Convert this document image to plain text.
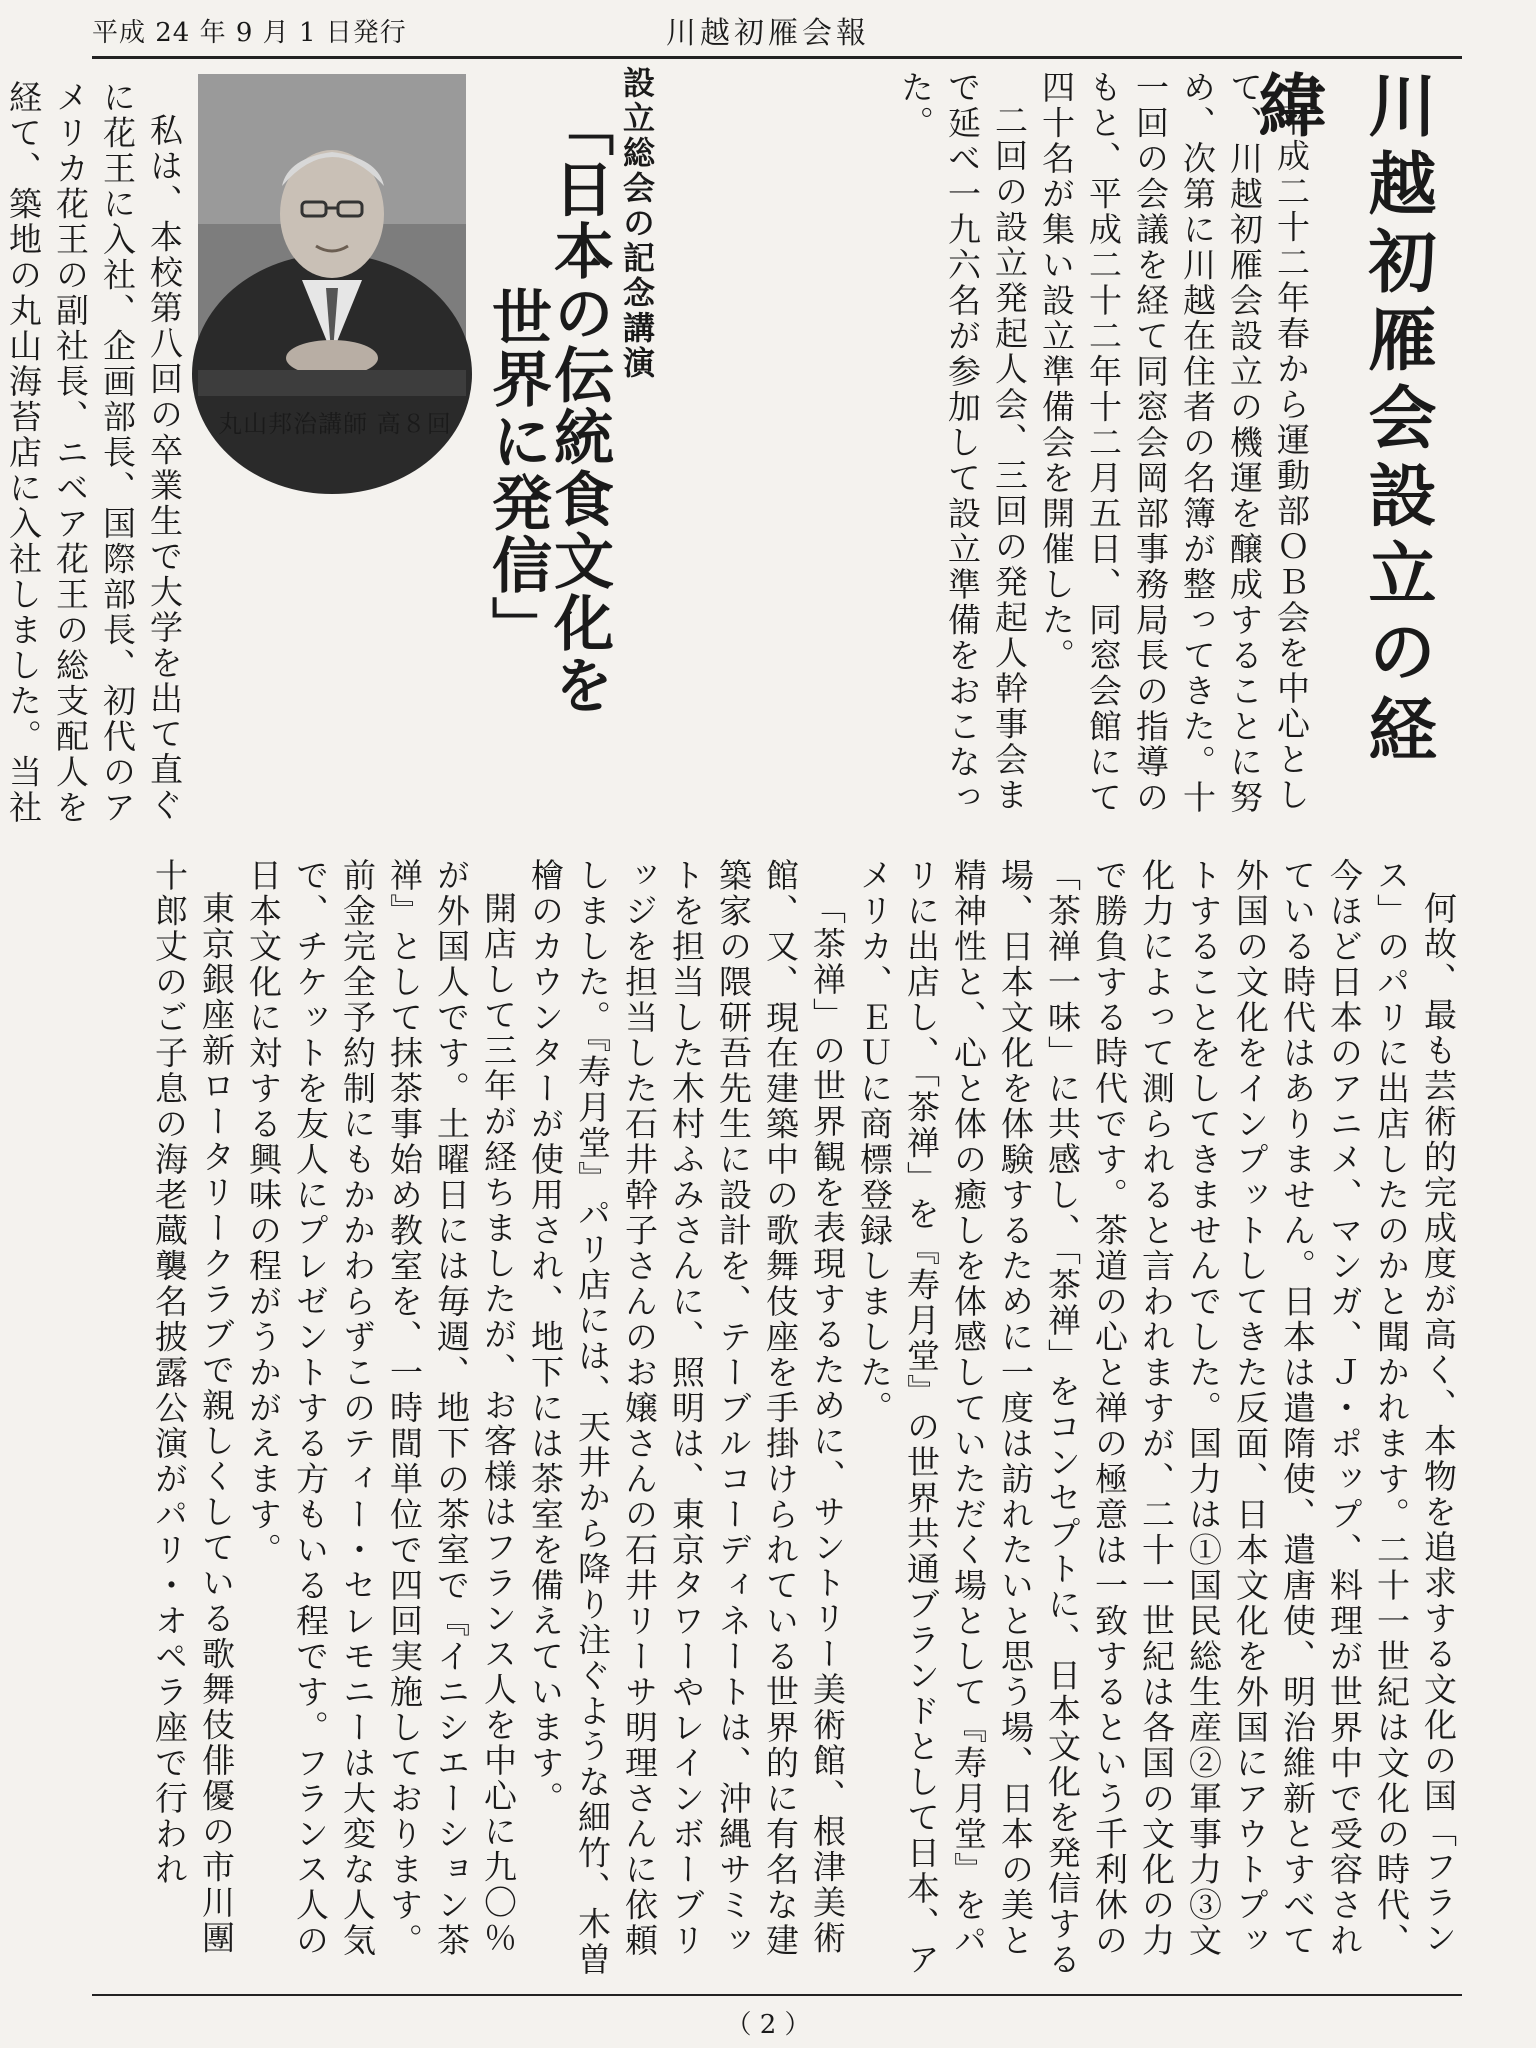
平成 24 年 9 月 1 日発行	川越初雁会報
川越初雁会設立の経緯

平成二十二年春から運動部ＯＢ会を中心として、川越初雁会設立の機運を醸成することに努め、次第に川越在住者の名簿が整ってきた。十一回の会議を経て同窓会岡部事務局長の指導のもと、平成二十二年十二月五日、同窓会館にて四十名が集い設立準備会を開催した。

二回の設立発起人会、三回の発起人幹事会まで延べ一九六名が参加して設立準備をおこなった。

設立総会の記念講演
「日本の伝統食文化を
世界に発信」
丸山邦治講師 高８回

私は、本校第八回の卒業生で大学を出て直ぐに花王に入社、企画部長、国際部長、初代のアメリカ花王の副社長、ニベア花王の総支配人を経て、築地の丸山海苔店に入社しました。当社

何故、最も芸術的完成度が高く、本物を追求する文化の国「フランス」のパリに出店したのかと聞かれます。二十一世紀は文化の時代、今ほど日本のアニメ、マンガ、Ｊ・ポップ、料理が世界中で受容されている時代はありません。日本は遣隋使、遣唐使、明治維新とすべて外国の文化をインプットしてきた反面、日本文化を外国にアウトプットすることをしてきませんでした。国力は①国民総生産②軍事力③文化力によって測られると言われますが、二十一世紀は各国の文化の力で勝負する時代です。茶道の心と禅の極意は一致するという千利休の「茶禅一味」に共感し、「茶禅」をコンセプトに、日本文化を発信する場、日本文化を体験するために一度は訪れたいと思う場、日本の美と精神性と、心と体の癒しを体感していただく場として『寿月堂』をパリに出店し、「茶禅」を『寿月堂』の世界共通ブランドとして日本、アメリカ、ＥＵに商標登録しました。

「茶禅」の世界観を表現するために、サントリー美術館、根津美術館、又、現在建築中の歌舞伎座を手掛けられている世界的に有名な建築家の隈研吾先生に設計を、テーブルコーディネートは、沖縄サミットを担当した木村ふみさんに、照明は、東京タワーやレインボーブリッジを担当した石井幹子さんのお嬢さんの石井リーサ明理さんに依頼しました。『寿月堂』パリ店には、天井から降り注ぐような細竹、木曽檜のカウンターが使用され、地下には茶室を備えています。

開店して三年が経ちましたが、お客様はフランス人を中心に九〇％が外国人です。土曜日には毎週、地下の茶室で『イニシエーション茶禅』として抹茶事始め教室を、一時間単位で四回実施しております。前金完全予約制にもかかわらずこのティー・セレモニーは大変な人気で、チケットを友人にプレゼントする方もいる程です。フランス人の日本文化に対する興味の程がうかがえます。

東京銀座新ロータリークラブで親しくしている歌舞伎俳優の市川團十郎丈のご子息の海老蔵襲名披露公演がパリ・オペラ座で行われ

（ 2 ）
